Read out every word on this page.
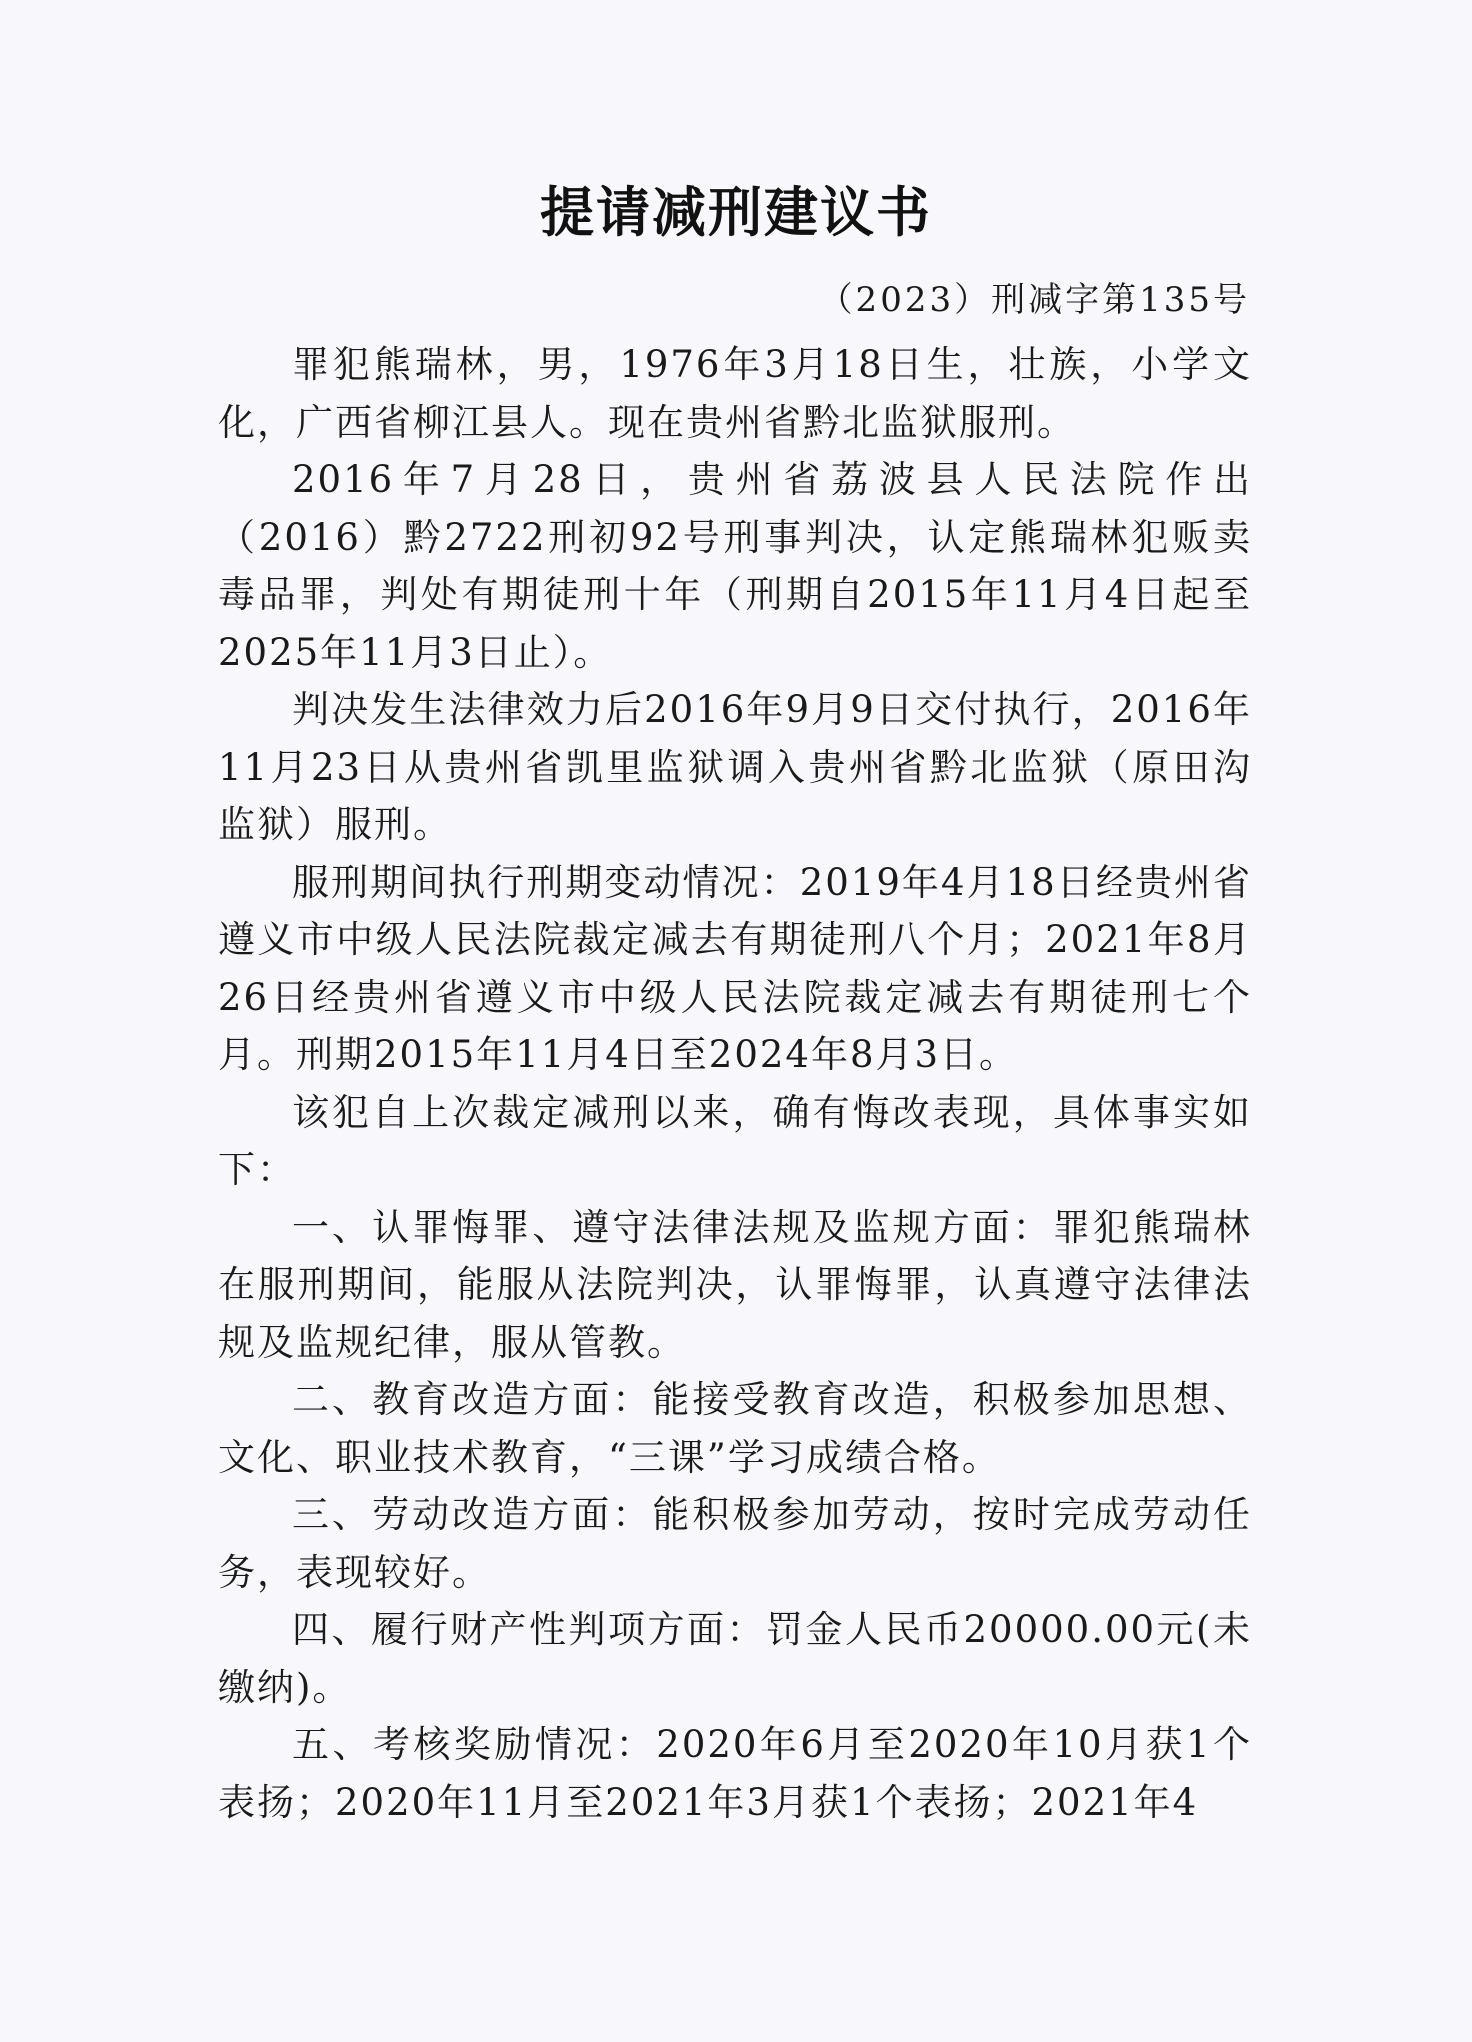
提请减刑建议书
（2023）刑减字第135号

罪犯熊瑞林，男，1976年3月18日生，壮族，小学文化，广西省柳江县人。现在贵州省黔北监狱服刑。

2016年7月28日，贵州省荔波县人民法院作出（2016）黔2722刑初92号刑事判决，认定熊瑞林犯贩卖毒品罪，判处有期徒刑十年（刑期自2015年11月4日起至2025年11月3日止）。

判决发生法律效力后2016年9月9日交付执行，2016年11月23日从贵州省凯里监狱调入贵州省黔北监狱（原田沟监狱）服刑。

服刑期间执行刑期变动情况：2019年4月18日经贵州省遵义市中级人民法院裁定减去有期徒刑八个月；2021年8月26日经贵州省遵义市中级人民法院裁定减去有期徒刑七个月。刑期2015年11月4日至2024年8月3日。

该犯自上次裁定减刑以来，确有悔改表现，具体事实如下：

一、认罪悔罪、遵守法律法规及监规方面：罪犯熊瑞林在服刑期间，能服从法院判决，认罪悔罪，认真遵守法律法规及监规纪律，服从管教。

二、教育改造方面：能接受教育改造，积极参加思想、文化、职业技术教育，“三课”学习成绩合格。

三、劳动改造方面：能积极参加劳动，按时完成劳动任务，表现较好。

四、履行财产性判项方面：罚金人民币20000.00元(未缴纳)。

五、考核奖励情况：2020年6月至2020年10月获1个表扬；2020年11月至2021年3月获1个表扬；2021年4
